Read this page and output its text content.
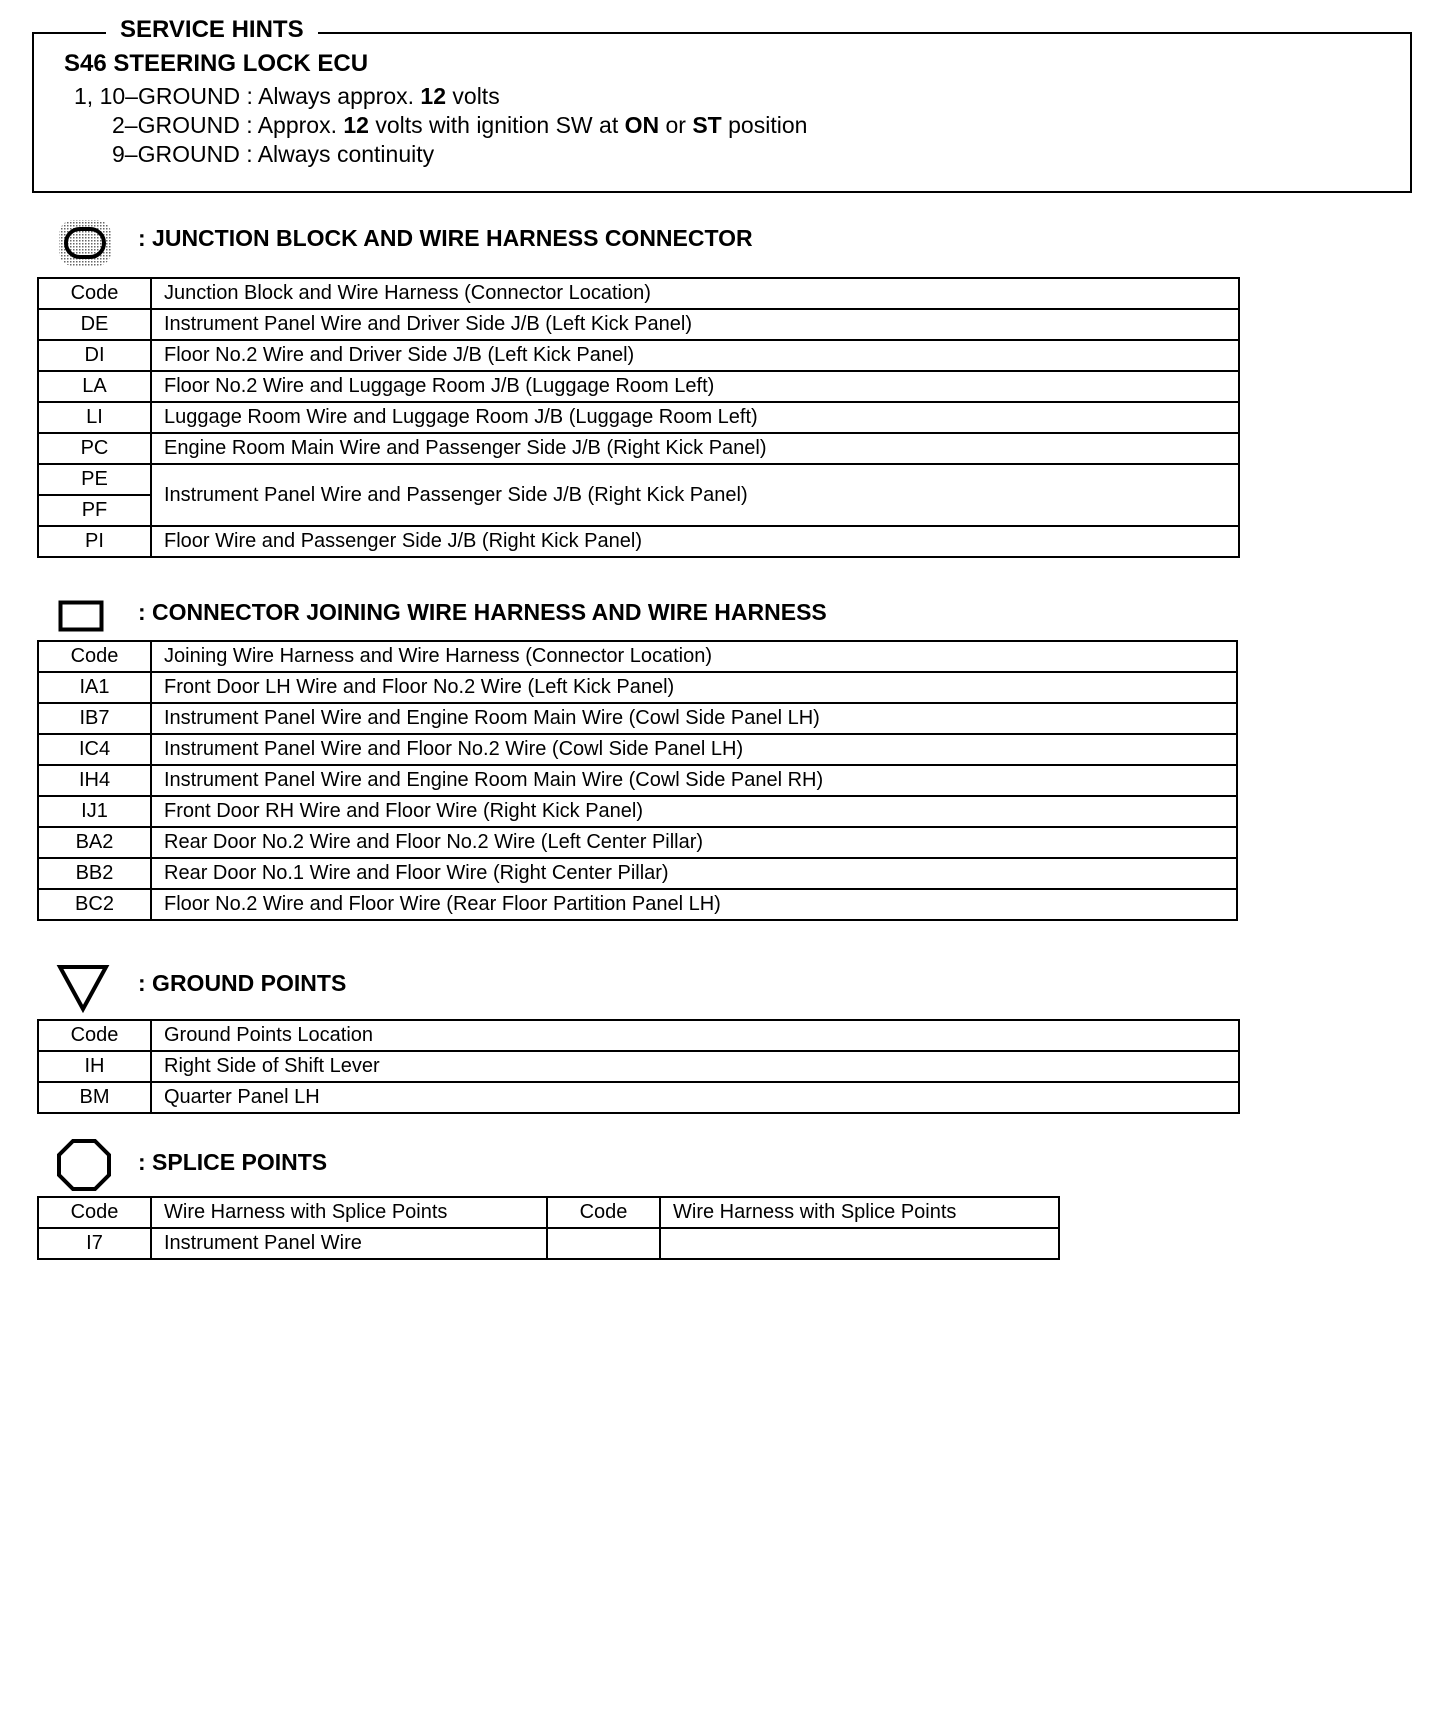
SERVICE HINTS
S46 STEERING LOCK ECU
1, 10–GROUND : Always approx. 12 volts
2–GROUND : Approx. 12 volts with ignition SW at ON or ST position
9–GROUND : Always continuity
: JUNCTION BLOCK AND WIRE HARNESS CONNECTOR
Code	Junction Block and Wire Harness (Connector Location)
DE	Instrument Panel Wire and Driver Side J/B (Left Kick Panel)
DI	Floor No.2 Wire and Driver Side J/B (Left Kick Panel)
LA	Floor No.2 Wire and Luggage Room J/B (Luggage Room Left)
LI	Luggage Room Wire and Luggage Room J/B (Luggage Room Left)
PC	Engine Room Main Wire and Passenger Side J/B (Right Kick Panel)
PE	Instrument Panel Wire and Passenger Side J/B (Right Kick Panel)
PF	
PI	Floor Wire and Passenger Side J/B (Right Kick Panel)
: CONNECTOR JOINING WIRE HARNESS AND WIRE HARNESS
Code	Joining Wire Harness and Wire Harness (Connector Location)
IA1	Front Door LH Wire and Floor No.2 Wire (Left Kick Panel)
IB7	Instrument Panel Wire and Engine Room Main Wire (Cowl Side Panel LH)
IC4	Instrument Panel Wire and Floor No.2 Wire (Cowl Side Panel LH)
IH4	Instrument Panel Wire and Engine Room Main Wire (Cowl Side Panel RH)
IJ1	Front Door RH Wire and Floor Wire (Right Kick Panel)
BA2	Rear Door No.2 Wire and Floor No.2 Wire (Left Center Pillar)
BB2	Rear Door No.1 Wire and Floor Wire (Right Center Pillar)
BC2	Floor No.2 Wire and Floor Wire (Rear Floor Partition Panel LH)
: GROUND POINTS
Code	Ground Points Location
IH	Right Side of Shift Lever
BM	Quarter Panel LH
: SPLICE POINTS
Code	Wire Harness with Splice Points	Code	Wire Harness with Splice Points
I7	Instrument Panel Wire		
